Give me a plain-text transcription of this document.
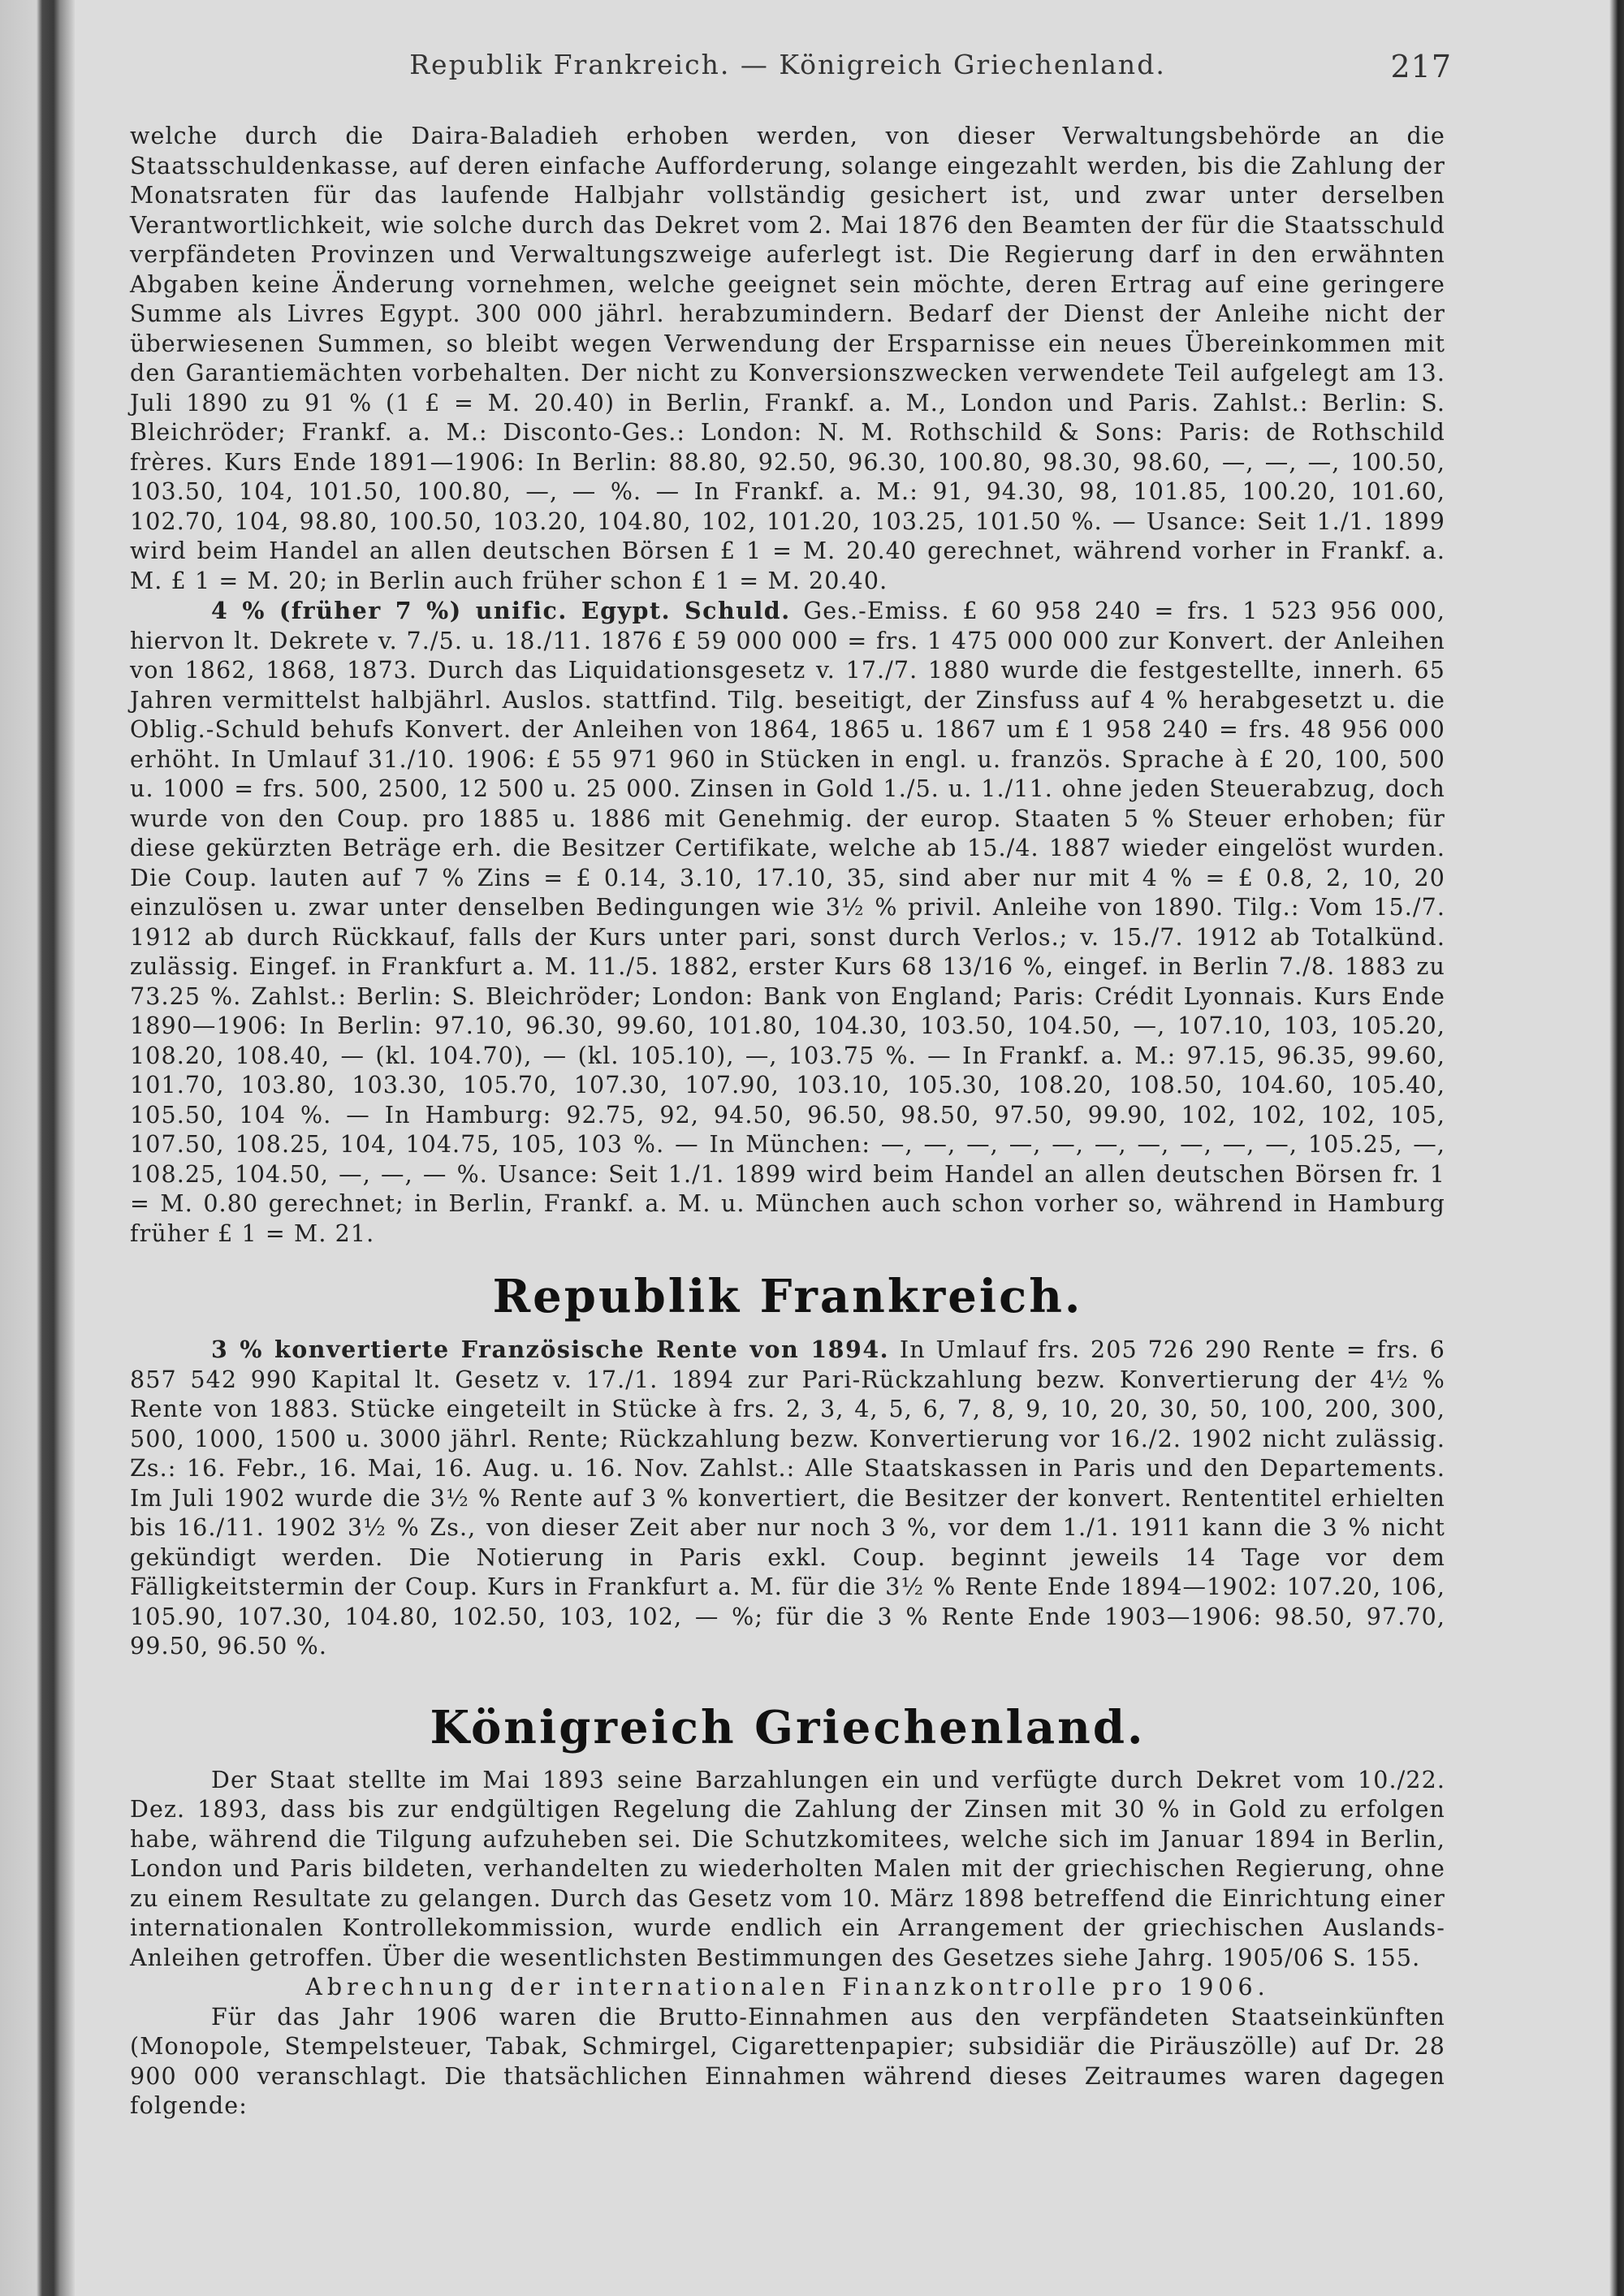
Republik Frankreich. — Königreich Griechenland.	217

welche durch die Daira-Baladieh erhoben werden, von dieser Verwaltungsbehörde an die Staatsschuldenkasse, auf deren einfache Aufforderung, solange eingezahlt werden, bis die Zahlung der Monatsraten für das laufende Halbjahr vollständig gesichert ist, und zwar unter derselben Verantwortlichkeit, wie solche durch das Dekret vom 2. Mai 1876 den Beamten der für die Staatsschuld verpfändeten Provinzen und Verwaltungszweige auferlegt ist. Die Regierung darf in den erwähnten Abgaben keine Änderung vornehmen, welche geeignet sein möchte, deren Ertrag auf eine geringere Summe als Livres Egypt. 300 000 jährl. herabzumindern. Bedarf der Dienst der Anleihe nicht der überwiesenen Summen, so bleibt wegen Verwendung der Ersparnisse ein neues Übereinkommen mit den Garantiemächten vorbehalten. Der nicht zu Konversionszwecken verwendete Teil aufgelegt am 13. Juli 1890 zu 91 % (1 £ = M. 20.40) in Berlin, Frankf. a. M., London und Paris. Zahlst.: Berlin: S. Bleichröder; Frankf. a. M.: Disconto-Ges.: London: N. M. Rothschild & Sons: Paris: de Rothschild frères. Kurs Ende 1891—1906: In Berlin: 88.80, 92.50, 96.30, 100.80, 98.30, 98.60, —, —, —, 100.50, 103.50, 104, 101.50, 100.80, —, — %. — In Frankf. a. M.: 91, 94.30, 98, 101.85, 100.20, 101.60, 102.70, 104, 98.80, 100.50, 103.20, 104.80, 102, 101.20, 103.25, 101.50 %. — Usance: Seit 1./1. 1899 wird beim Handel an allen deutschen Börsen £ 1 = M. 20.40 gerechnet, während vorher in Frankf. a. M. £ 1 = M. 20; in Berlin auch früher schon £ 1 = M. 20.40.

4 % (früher 7 %) unific. Egypt. Schuld. Ges.-Emiss. £ 60 958 240 = frs. 1 523 956 000, hiervon lt. Dekrete v. 7./5. u. 18./11. 1876 £ 59 000 000 = frs. 1 475 000 000 zur Konvert. der Anleihen von 1862, 1868, 1873. Durch das Liquidationsgesetz v. 17./7. 1880 wurde die festgestellte, innerh. 65 Jahren vermittelst halbjährl. Auslos. stattfind. Tilg. beseitigt, der Zinsfuss auf 4 % herabgesetzt u. die Oblig.-Schuld behufs Konvert. der Anleihen von 1864, 1865 u. 1867 um £ 1 958 240 = frs. 48 956 000 erhöht. In Umlauf 31./10. 1906: £ 55 971 960 in Stücken in engl. u. französ. Sprache à £ 20, 100, 500 u. 1000 = frs. 500, 2500, 12 500 u. 25 000. Zinsen in Gold 1./5. u. 1./11. ohne jeden Steuerabzug, doch wurde von den Coup. pro 1885 u. 1886 mit Genehmig. der europ. Staaten 5 % Steuer erhoben; für diese gekürzten Beträge erh. die Besitzer Certifikate, welche ab 15./4. 1887 wieder eingelöst wurden. Die Coup. lauten auf 7 % Zins = £ 0.14, 3.10, 17.10, 35, sind aber nur mit 4 % = £ 0.8, 2, 10, 20 einzulösen u. zwar unter denselben Bedingungen wie 3½ % privil. Anleihe von 1890. Tilg.: Vom 15./7. 1912 ab durch Rückkauf, falls der Kurs unter pari, sonst durch Verlos.; v. 15./7. 1912 ab Totalkünd. zulässig. Eingef. in Frankfurt a. M. 11./5. 1882, erster Kurs 68 13/16 %, eingef. in Berlin 7./8. 1883 zu 73.25 %. Zahlst.: Berlin: S. Bleichröder; London: Bank von England; Paris: Crédit Lyonnais. Kurs Ende 1890—1906: In Berlin: 97.10, 96.30, 99.60, 101.80, 104.30, 103.50, 104.50, —, 107.10, 103, 105.20, 108.20, 108.40, — (kl. 104.70), — (kl. 105.10), —, 103.75 %. — In Frankf. a. M.: 97.15, 96.35, 99.60, 101.70, 103.80, 103.30, 105.70, 107.30, 107.90, 103.10, 105.30, 108.20, 108.50, 104.60, 105.40, 105.50, 104 %. — In Hamburg: 92.75, 92, 94.50, 96.50, 98.50, 97.50, 99.90, 102, 102, 102, 105, 107.50, 108.25, 104, 104.75, 105, 103 %. — In München: —, —, —, —, —, —, —, —, —, —, 105.25, —, 108.25, 104.50, —, —, — %. Usance: Seit 1./1. 1899 wird beim Handel an allen deutschen Börsen fr. 1 = M. 0.80 gerechnet; in Berlin, Frankf. a. M. u. München auch schon vorher so, während in Hamburg früher £ 1 = M. 21.

Republik Frankreich.

3 % konvertierte Französische Rente von 1894. In Umlauf frs. 205 726 290 Rente = frs. 6 857 542 990 Kapital lt. Gesetz v. 17./1. 1894 zur Pari-Rückzahlung bezw. Konvertierung der 4½ % Rente von 1883. Stücke eingeteilt in Stücke à frs. 2, 3, 4, 5, 6, 7, 8, 9, 10, 20, 30, 50, 100, 200, 300, 500, 1000, 1500 u. 3000 jährl. Rente; Rückzahlung bezw. Konvertierung vor 16./2. 1902 nicht zulässig. Zs.: 16. Febr., 16. Mai, 16. Aug. u. 16. Nov. Zahlst.: Alle Staatskassen in Paris und den Departements. Im Juli 1902 wurde die 3½ % Rente auf 3 % konvertiert, die Besitzer der konvert. Rententitel erhielten bis 16./11. 1902 3½ % Zs., von dieser Zeit aber nur noch 3 %, vor dem 1./1. 1911 kann die 3 % nicht gekündigt werden. Die Notierung in Paris exkl. Coup. beginnt jeweils 14 Tage vor dem Fälligkeitstermin der Coup. Kurs in Frankfurt a. M. für die 3½ % Rente Ende 1894—1902: 107.20, 106, 105.90, 107.30, 104.80, 102.50, 103, 102, — %; für die 3 % Rente Ende 1903—1906: 98.50, 97.70, 99.50, 96.50 %.

Königreich Griechenland.

Der Staat stellte im Mai 1893 seine Barzahlungen ein und verfügte durch Dekret vom 10./22. Dez. 1893, dass bis zur endgültigen Regelung die Zahlung der Zinsen mit 30 % in Gold zu erfolgen habe, während die Tilgung aufzuheben sei. Die Schutzkomitees, welche sich im Januar 1894 in Berlin, London und Paris bildeten, verhandelten zu wiederholten Malen mit der griechischen Regierung, ohne zu einem Resultate zu gelangen. Durch das Gesetz vom 10. März 1898 betreffend die Einrichtung einer internationalen Kontrollekommission, wurde endlich ein Arrangement der griechischen Auslands-Anleihen getroffen. Über die wesentlichsten Bestimmungen des Gesetzes siehe Jahrg. 1905/06 S. 155.

Abrechnung der internationalen Finanzkontrolle pro 1906.

Für das Jahr 1906 waren die Brutto-Einnahmen aus den verpfändeten Staatseinkünften (Monopole, Stempelsteuer, Tabak, Schmirgel, Cigarettenpapier; subsidiär die Piräuszölle) auf Dr. 28 900 000 veranschlagt. Die thatsächlichen Einnahmen während dieses Zeitraumes waren dagegen folgende:
